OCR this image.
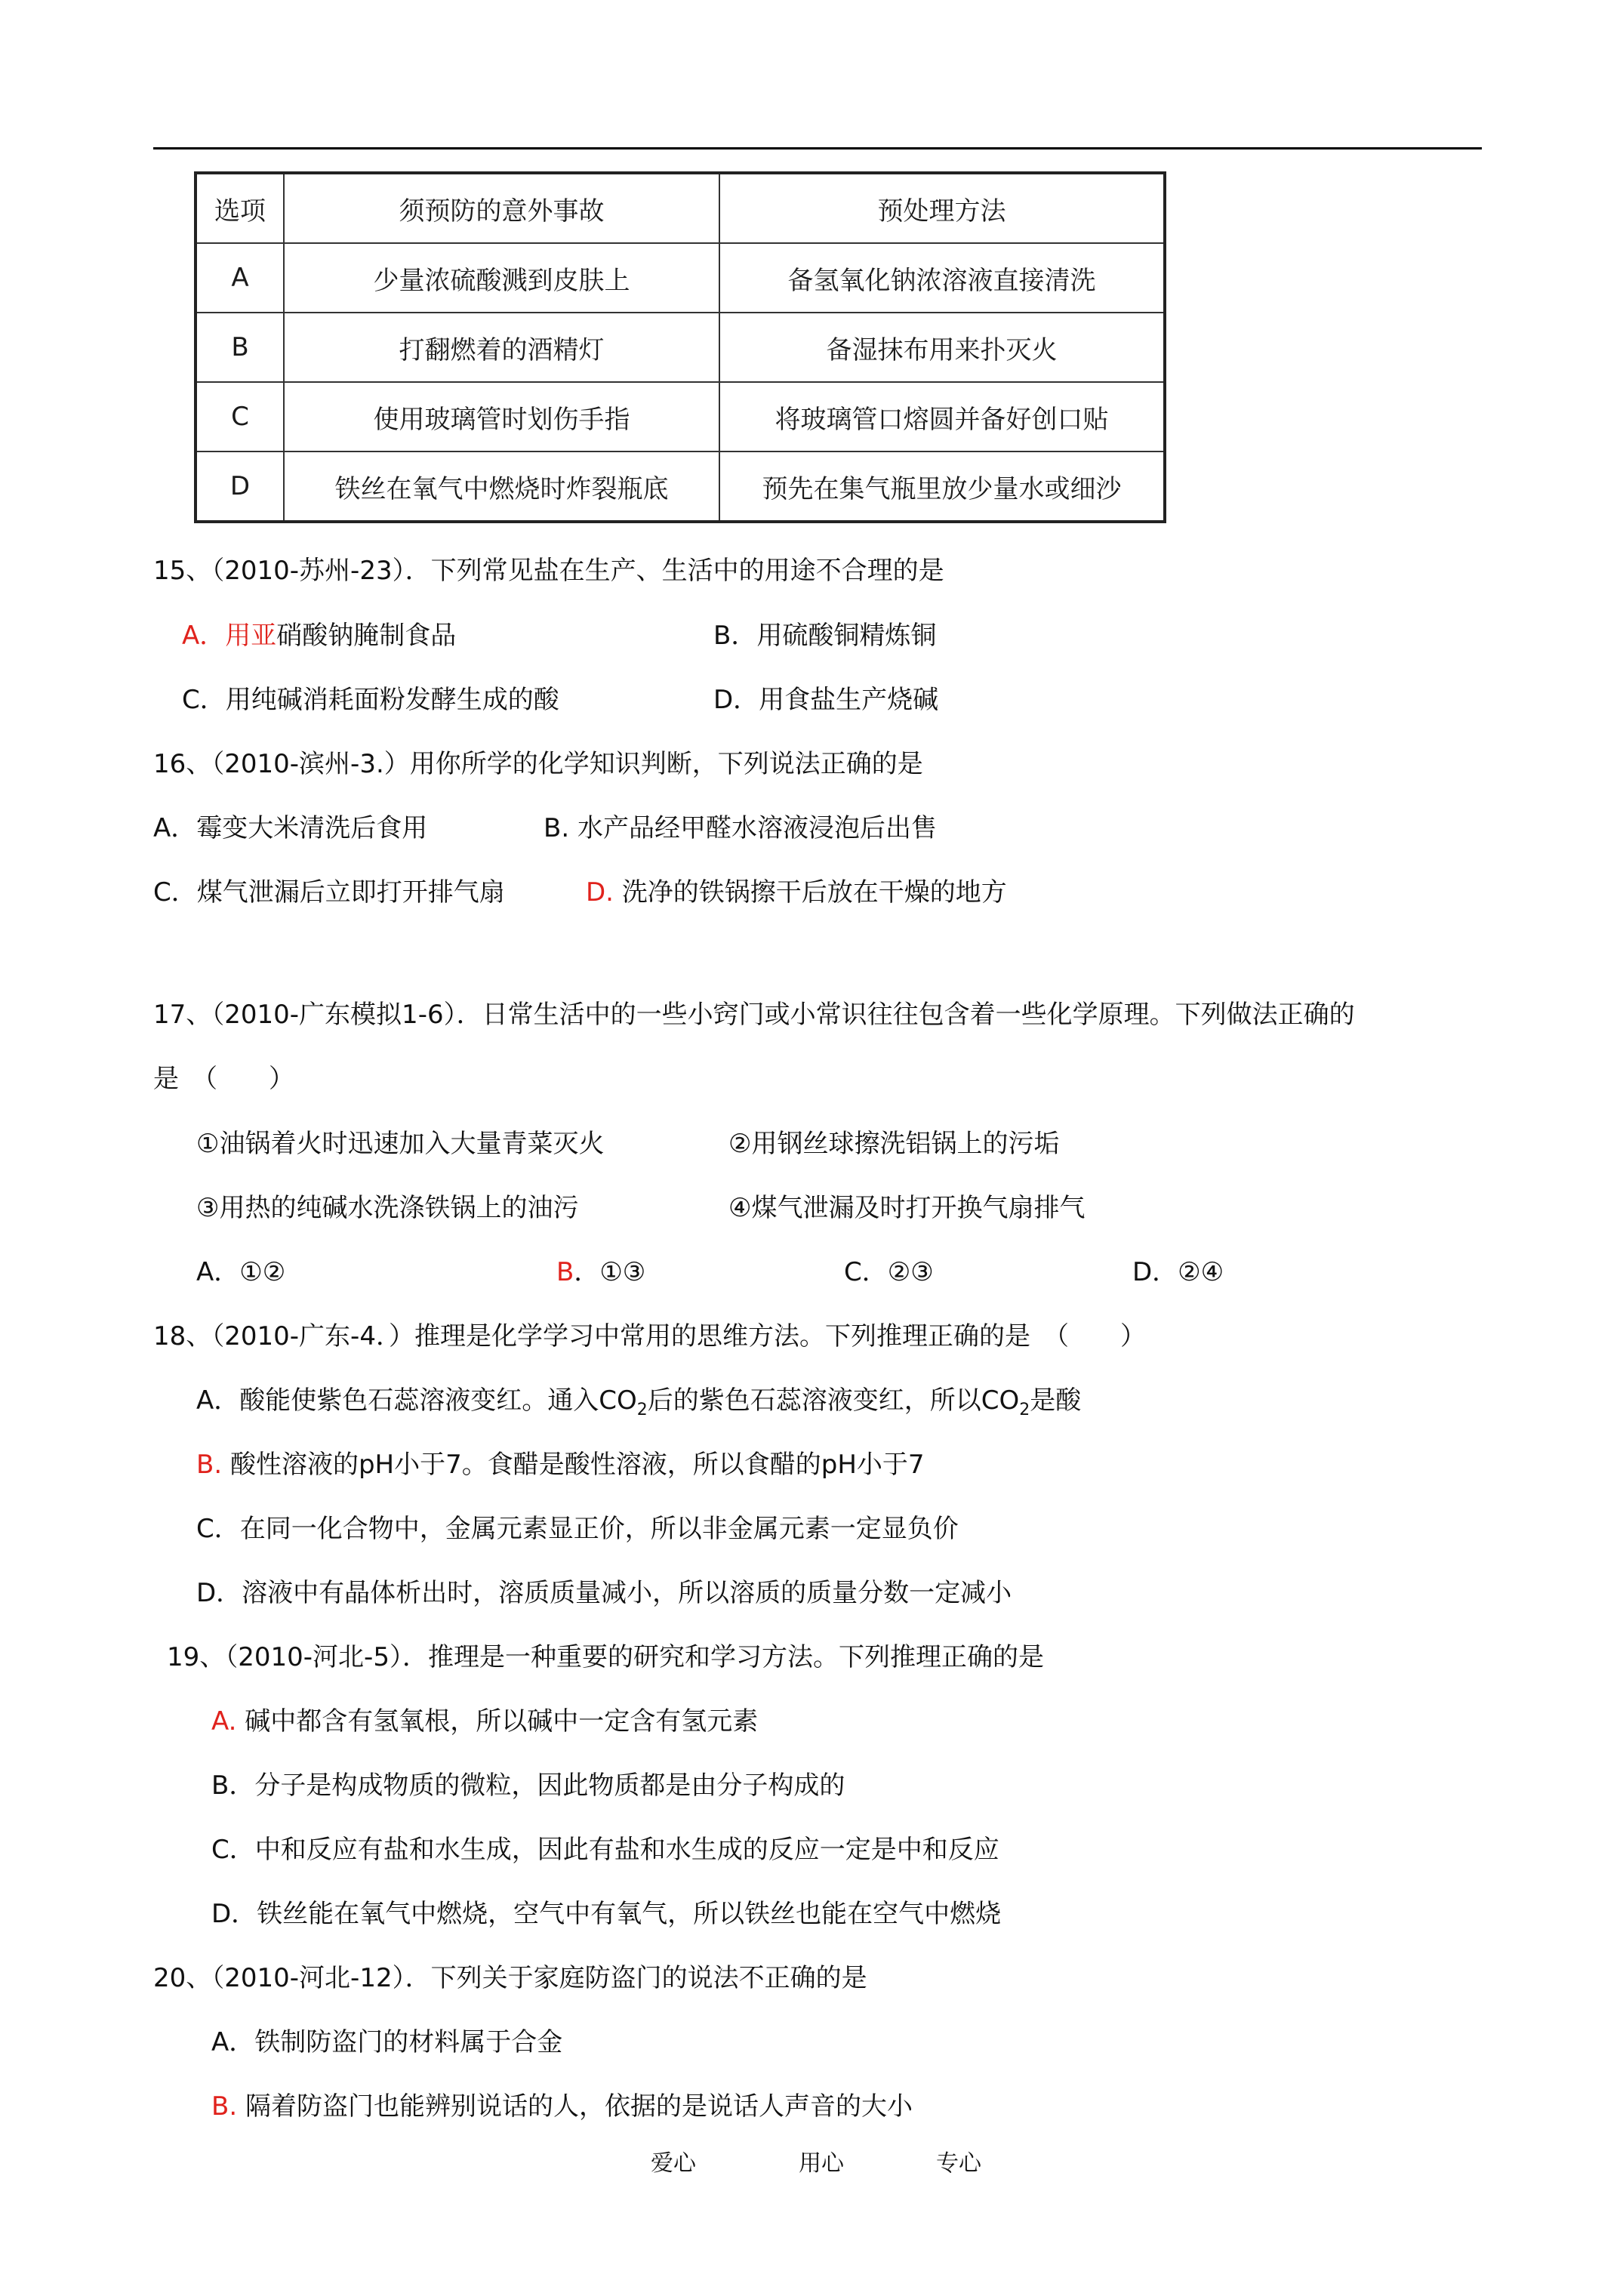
选项	须预防的意外事故	预处理方法
A	少量浓硫酸溅到皮肤上	备氢氧化钠浓溶液直接清洗
B	打翻燃着的酒精灯	备湿抹布用来扑灭火
C	使用玻璃管时划伤手指	将玻璃管口熔圆并备好创口贴
D	铁丝在氧气中燃烧时炸裂瓶底	预先在集气瓶里放少量水或细沙
15、（2010-苏州-23）．下列常见盐在生产、生活中的用途不合理的是
A．用亚硝酸钠腌制食品	B．用硫酸铜精炼铜
C．用纯碱消耗面粉发酵生成的酸	D．用食盐生产烧碱
16、（2010-滨州-3.）用你所学的化学知识判断，下列说法正确的是
A．霉变大米清洗后食用	B. 水产品经甲醛水溶液浸泡后出售
C．煤气泄漏后立即打开排气扇	D. 洗净的铁锅擦干后放在干燥的地方
17、（2010-广东模拟1-6）．日常生活中的一些小窍门或小常识往往包含着一些化学原理。下列做法正确的
是　（　　）
①油锅着火时迅速加入大量青菜灭火	②用钢丝球擦洗铝锅上的污垢
③用热的纯碱水洗涤铁锅上的油污	④煤气泄漏及时打开换气扇排气
A．①②	B．①③	C．②③	D．②④
18、（2010-广东-4．）推理是化学学习中常用的思维方法。下列推理正确的是　（　　）
A．酸能使紫色石蕊溶液变红。通入$CO_2$后的紫色石蕊溶液变红，所以$CO_2$是酸
B. 酸性溶液的pH小于7。食醋是酸性溶液，所以食醋的pH小于7
C．在同一化合物中，金属元素显正价，所以非金属元素一定显负价
D．溶液中有晶体析出时，溶质质量减小，所以溶质的质量分数一定减小
19、（2010-河北-5）．推理是一种重要的研究和学习方法。下列推理正确的是
A. 碱中都含有氢氧根，所以碱中一定含有氢元素
B．分子是构成物质的微粒，因此物质都是由分子构成的
C．中和反应有盐和水生成，因此有盐和水生成的反应一定是中和反应
D．铁丝能在氧气中燃烧，空气中有氧气，所以铁丝也能在空气中燃烧
20、（2010-河北-12）．下列关于家庭防盗门的说法不正确的是
A．铁制防盗门的材料属于合金
B. 隔着防盗门也能辨别说话的人，依据的是说话人声音的大小
爱心	用心	专心
